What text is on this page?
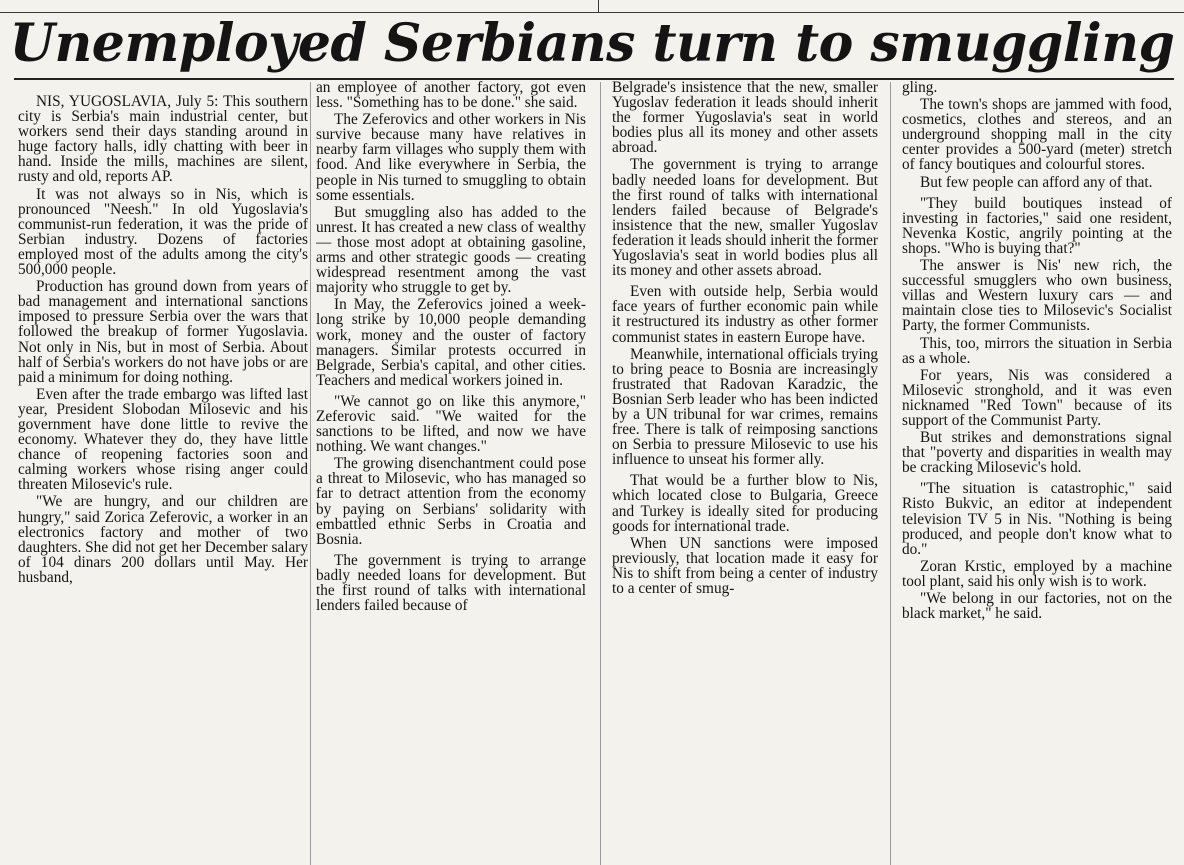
Unemployed Serbians turn to smuggling

NIS, YUGOSLAVIA, July 5: This southern city is Serbia's main industrial center, but workers send their days standing around in huge factory halls, idly chatting with beer in hand. Inside the mills, machines are silent, rusty and old, reports AP.

It was not always so in Nis, which is pronounced "Neesh." In old Yugoslavia's communist-run federation, it was the pride of Serbian industry. Dozens of factories employed most of the adults among the city's 500,000 people.

Production has ground down from years of bad management and international sanctions imposed to pressure Serbia over the wars that followed the breakup of former Yugoslavia. Not only in Nis, but in most of Serbia. About half of Serbia's workers do not have jobs or are paid a minimum for doing nothing.

Even after the trade embargo was lifted last year, President Slobodan Milosevic and his government have done little to revive the economy. Whatever they do, they have little chance of reopening factories soon and calming workers whose rising anger could threaten Milosevic's rule.

"We are hungry, and our children are hungry," said Zorica Zeferovic, a worker in an electronics factory and mother of two daughters. She did not get her December salary of 104 dinars 200 dollars until May. Her husband,

an employee of another factory, got even less. "Something has to be done." she said.

The Zeferovics and other workers in Nis survive because many have relatives in nearby farm villages who supply them with food. And like everywhere in Serbia, the people in Nis turned to smuggling to obtain some essentials.

But smuggling also has added to the unrest. It has created a new class of wealthy — those most adopt at obtaining gasoline, arms and other strategic goods — creating widespread resentment among the vast majority who struggle to get by.

In May, the Zeferovics joined a week-long strike by 10,000 people demanding work, money and the ouster of factory managers. Similar protests occurred in Belgrade, Serbia's capital, and other cities. Teachers and medical workers joined in.

"We cannot go on like this anymore," Zeferovic said. "We waited for the sanctions to be lifted, and now we have nothing. We want changes."

The growing disenchantment could pose a threat to Milosevic, who has managed so far to detract attention from the economy by paying on Serbians' solidarity with embattled ethnic Serbs in Croatia and Bosnia.

The government is trying to arrange badly needed loans for development. But the first round of talks with international lenders failed because of

Belgrade's insistence that the new, smaller Yugoslav federation it leads should inherit the former Yugoslavia's seat in world bodies plus all its money and other assets abroad.

The government is trying to arrange badly needed loans for development. But the first round of talks with international lenders failed because of Belgrade's insistence that the new, smaller Yugoslav federation it leads should inherit the former Yugoslavia's seat in world bodies plus all its money and other assets abroad.

Even with outside help, Serbia would face years of further economic pain while it restructured its industry as other former communist states in eastern Europe have.

Meanwhile, international officials trying to bring peace to Bosnia are increasingly frustrated that Radovan Karadzic, the Bosnian Serb leader who has been indicted by a UN tribunal for war crimes, remains free. There is talk of reimposing sanctions on Serbia to pressure Milosevic to use his influence to unseat his former ally.

That would be a further blow to Nis, which located close to Bulgaria, Greece and Turkey is ideally sited for producing goods for international trade.

When UN sanctions were imposed previously, that location made it easy for Nis to shift from being a center of industry to a center of smug-

gling.

The town's shops are jammed with food, cosmetics, clothes and stereos, and an underground shopping mall in the city center provides a 500-yard (meter) stretch of fancy boutiques and colourful stores.

But few people can afford any of that.

"They build boutiques instead of investing in factories," said one resident, Nevenka Kostic, angrily pointing at the shops. "Who is buying that?"

The answer is Nis' new rich, the successful smugglers who own business, villas and Western luxury cars — and maintain close ties to Milosevic's Socialist Party, the former Communists.

This, too, mirrors the situation in Serbia as a whole.

For years, Nis was considered a Milosevic stronghold, and it was even nicknamed "Red Town" because of its support of the Communist Party.

But strikes and demonstrations signal that "poverty and disparities in wealth may be cracking Milosevic's hold.

"The situation is catastrophic," said Risto Bukvic, an editor at independent television TV 5 in Nis. "Nothing is being produced, and people don't know what to do."

Zoran Krstic, employed by a machine tool plant, said his only wish is to work.

"We belong in our factories, not on the black market," he said.
